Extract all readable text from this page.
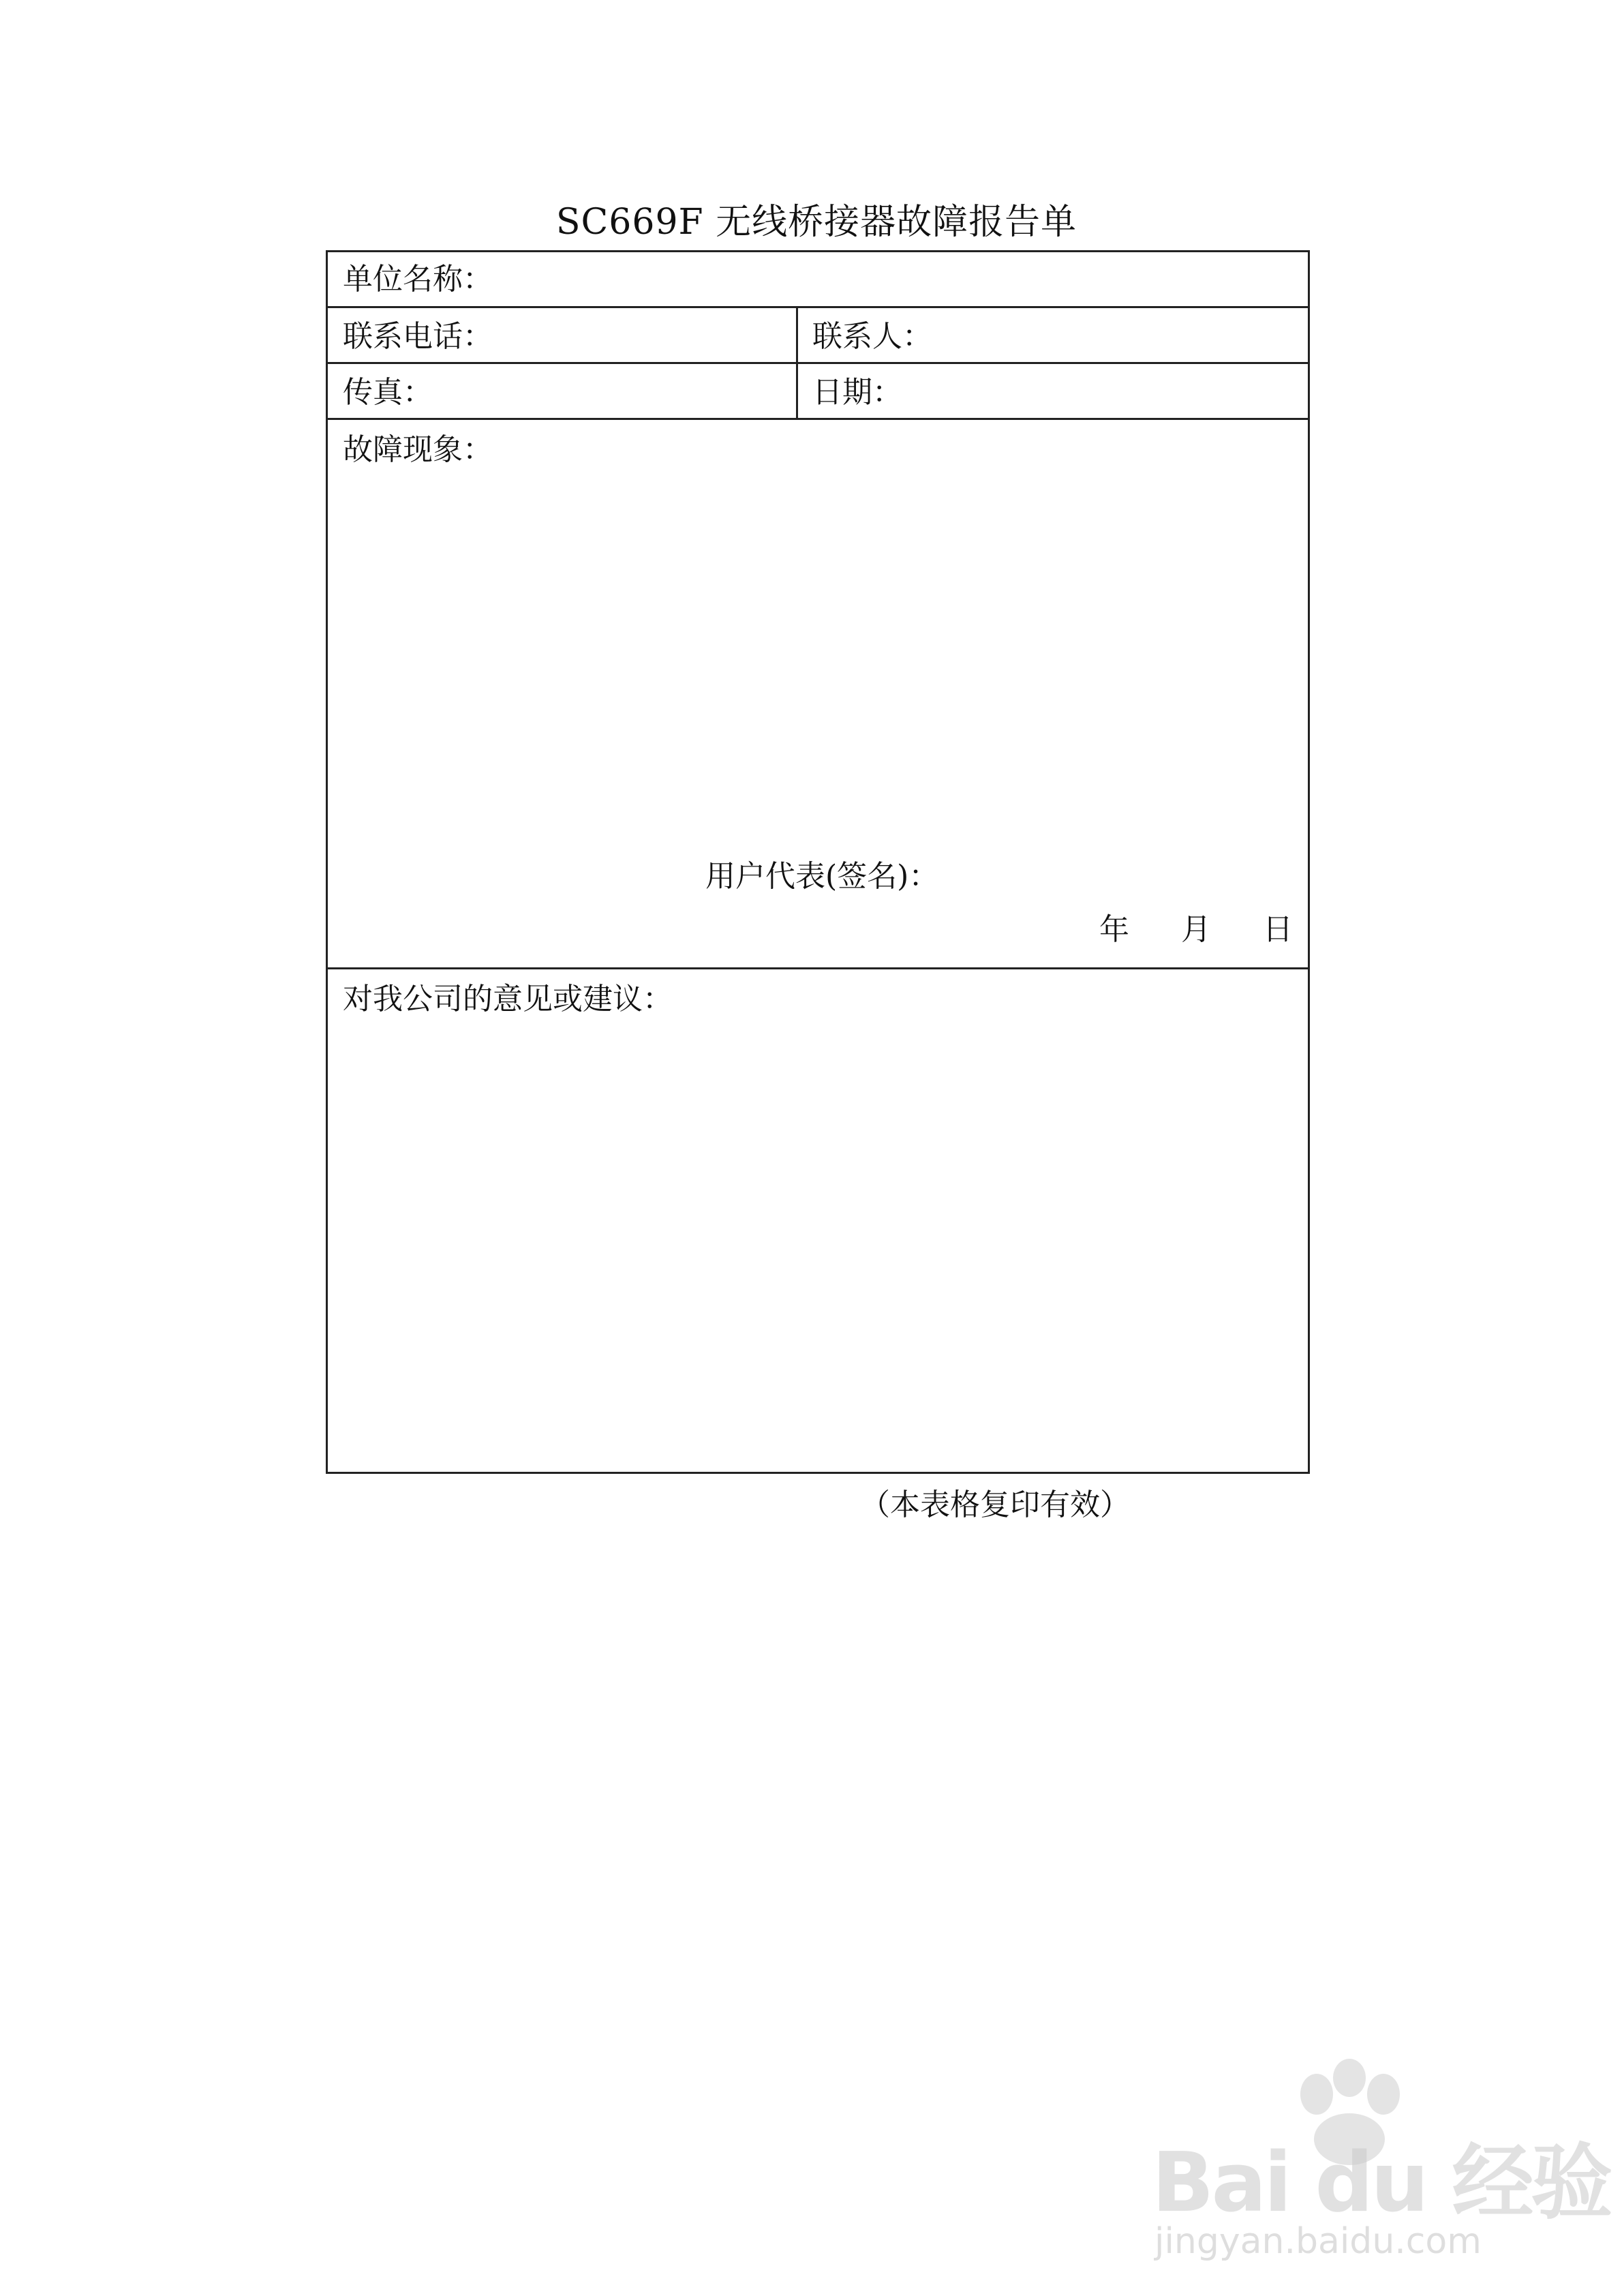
SC669F 无线桥接器故障报告单
单位名称：
联系电话：	联系人：
传真：	日期：
故障现象：
用户代表(签名)：
年 月 日
对我公司的意见或建议：
（本表格复印有效）
Bai du 经验
jingyan.baidu.com
